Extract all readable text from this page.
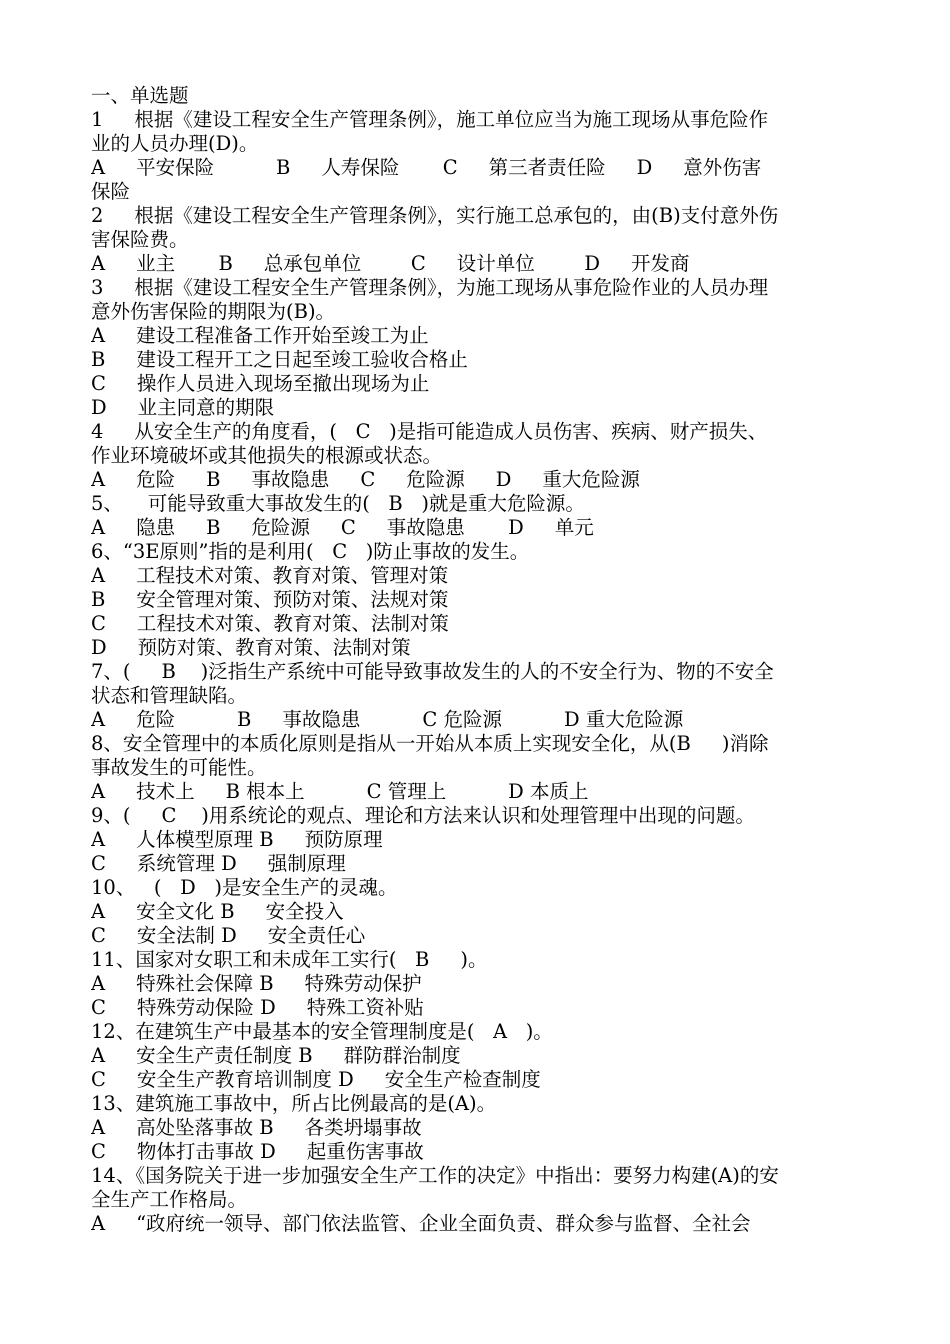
一、单选题
1     根据《建设工程安全生产管理条例》，施工单位应当为施工现场从事危险作
业的人员办理(D)。
A     平安保险          B     人寿保险       C     第三者责任险     D     意外伤害
保险
2     根据《建设工程安全生产管理条例》，实行施工总承包的，由(B)支付意外伤
害保险费。
A     业主       B     总承包单位        C     设计单位        D     开发商
3     根据《建设工程安全生产管理条例》，为施工现场从事危险作业的人员办理
意外伤害保险的期限为(B)。
A     建设工程准备工作开始至竣工为止
B     建设工程开工之日起至竣工验收合格止
C     操作人员进入现场至撤出现场为止
D     业主同意的期限
4     从安全生产的角度看，(   C   )是指可能造成人员伤害、疾病、财产损失、
作业环境破坏或其他损失的根源或状态。
A     危险     B     事故隐患     C     危险源     D     重大危险源
5、    可能导致重大事故发生的(   B   )就是重大危险源。
A     隐患     B     危险源     C     事故隐患       D     单元
6、“3E原则”指的是利用(   C   )防止事故的发生。
A     工程技术对策、教育对策、管理对策
B     安全管理对策、预防对策、法规对策
C     工程技术对策、教育对策、法制对策
D     预防对策、教育对策、法制对策
7、(     B    )泛指生产系统中可能导致事故发生的人的不安全行为、物的不安全
状态和管理缺陷。
A     危险          B     事故隐患          C 危险源          D 重大危险源
8、安全管理中的本质化原则是指从一开始从本质上实现安全化，从(B     )消除
事故发生的可能性。
A     技术上     B 根本上          C 管理上          D 本质上
9、(     C    )用系统论的观点、理论和方法来认识和处理管理中出现的问题。
A     人体模型原理 B     预防原理
C     系统管理 D     强制原理
10、   (   D   )是安全生产的灵魂。
A     安全文化 B     安全投入
C     安全法制 D     安全责任心
11、国家对女职工和未成年工实行(   B     )。
A     特殊社会保障 B     特殊劳动保护
C     特殊劳动保险 D     特殊工资补贴
12、在建筑生产中最基本的安全管理制度是(   A   )。
A     安全生产责任制度 B     群防群治制度
C     安全生产教育培训制度 D     安全生产检查制度
13、建筑施工事故中，所占比例最高的是(A)。
A     高处坠落事故 B     各类坍塌事故
C     物体打击事故 D     起重伤害事故
14、《国务院关于进一步加强安全生产工作的决定》中指出：要努力构建(A)的安
全生产工作格局。
A     “政府统一领导、部门依法监管、企业全面负责、群众参与监督、全社会
